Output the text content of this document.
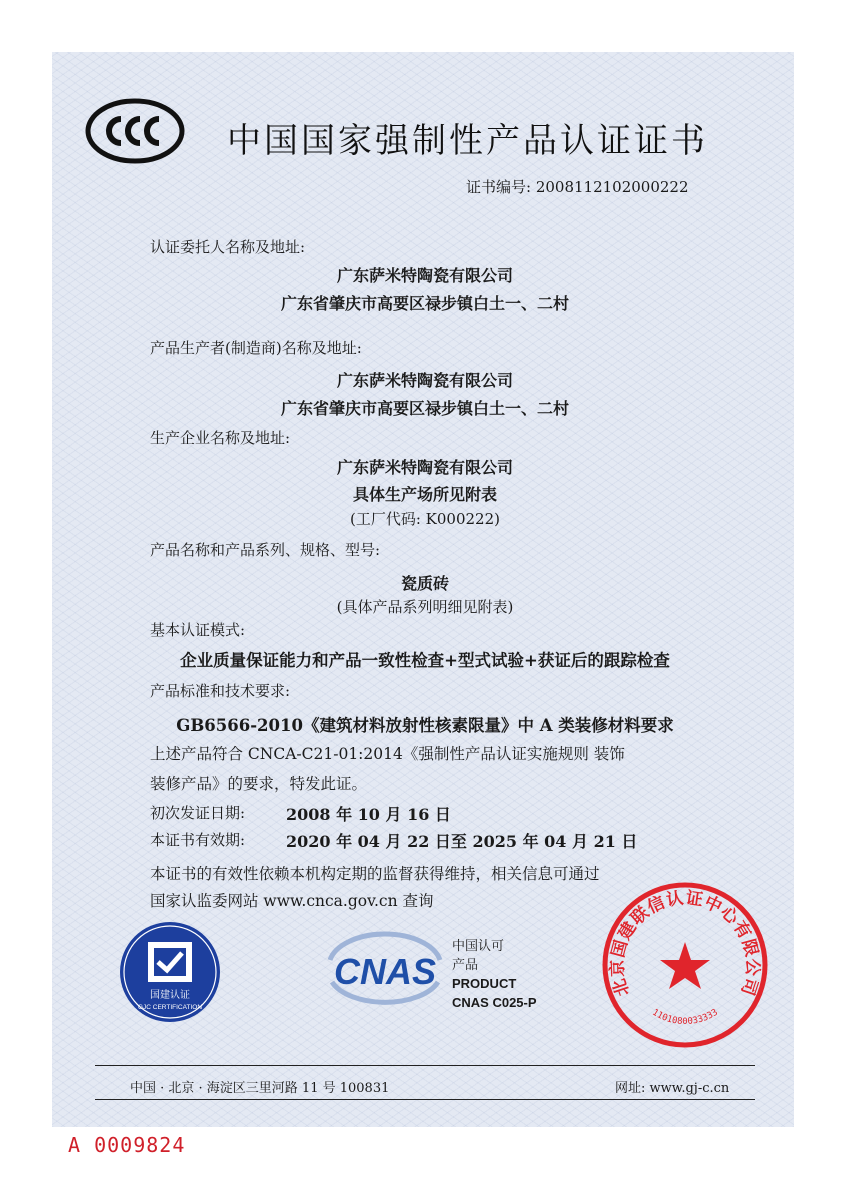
中国国家强制性产品认证证书
证书编号: 2008112102000222
认证委托人名称及地址:
广东萨米特陶瓷有限公司
广东省肇庆市高要区禄步镇白土一、二村
产品生产者(制造商)名称及地址:
广东萨米特陶瓷有限公司
广东省肇庆市高要区禄步镇白土一、二村
生产企业名称及地址:
广东萨米特陶瓷有限公司
具体生产场所见附表
(工厂代码: K000222)
产品名称和产品系列、规格、型号:
瓷质砖
(具体产品系列明细见附表)
基本认证模式:
企业质量保证能力和产品一致性检查+型式试验+获证后的跟踪检查
产品标准和技术要求:
GB6566-2010《建筑材料放射性核素限量》中 A 类装修材料要求
上述产品符合 CNCA-C21-01:2014《强制性产品认证实施规则 装饰
装修产品》的要求，特发此证。
初次发证日期:	2008 年 10 月 16 日
本证书有效期:	2020 年 04 月 22 日至 2025 年 04 月 21 日
本证书的有效性依赖本机构定期的监督获得维持，相关信息可通过
国家认监委网站 www.cnca.gov.cn 查询
国建认证
GJC CERTIFICATION
CNAS
中国认可
产品
PRODUCT
CNAS C025-P
北京国建联信认证中心有限公司
1101080033333
中国 · 北京 · 海淀区三里河路 11 号 100831	网址: www.gj-c.cn
A 0009824
